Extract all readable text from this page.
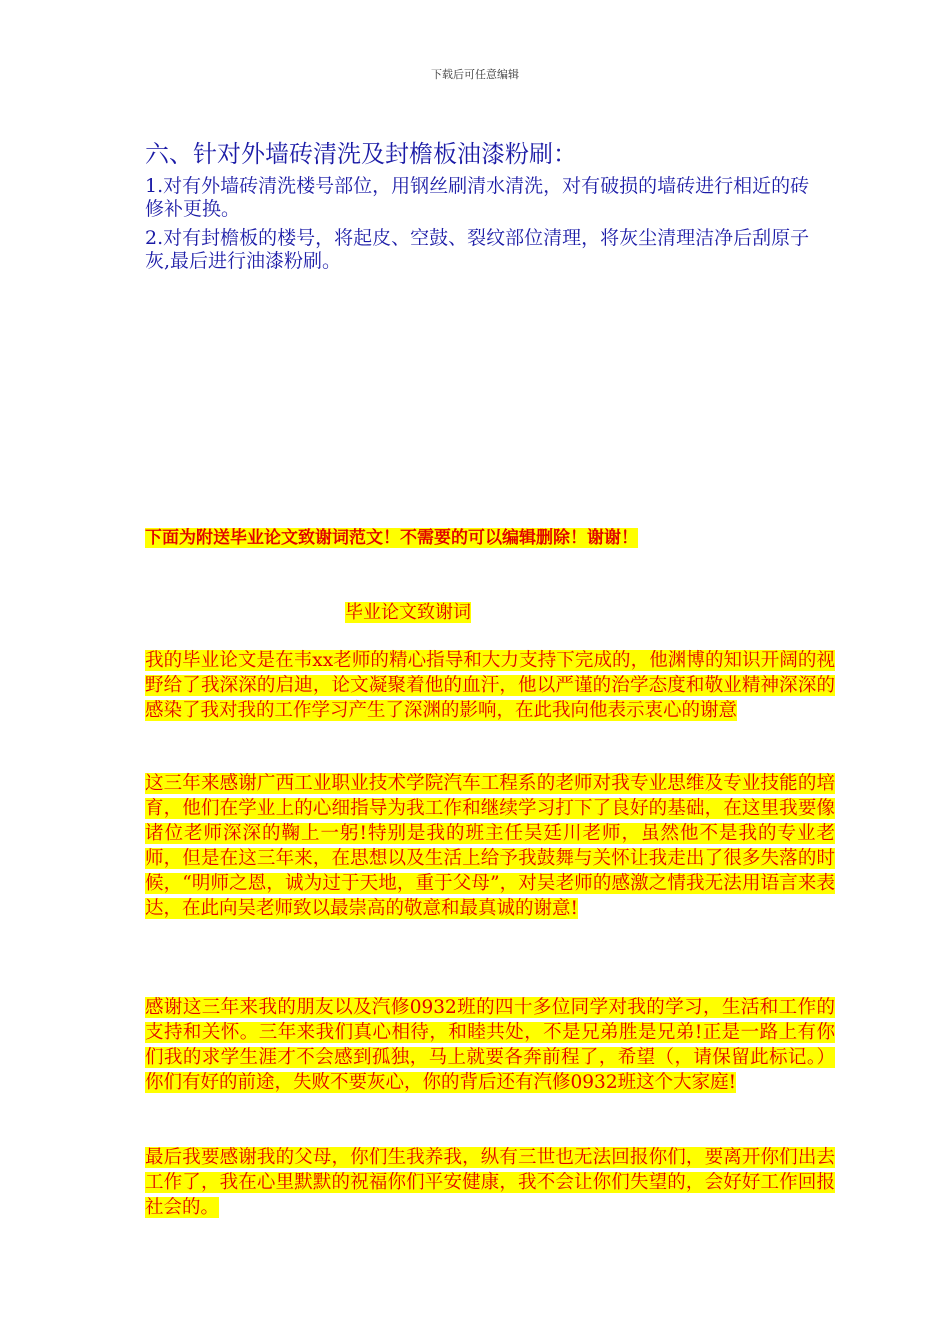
下载后可任意编辑
六、针对外墙砖清洗及封檐板油漆粉刷：
1.对有外墙砖清洗楼号部位，用钢丝刷清水清洗，对有破损的墙砖进行相近的砖修补更换。
2.对有封檐板的楼号，将起皮、空鼓、裂纹部位清理，将灰尘清理洁净后刮原子灰,最后进行油漆粉刷。
下面为附送毕业论文致谢词范文！不需要的可以编辑删除！谢谢！
毕业论文致谢词
我的毕业论文是在韦xx老师的精心指导和大力支持下完成的，他渊博的知识开阔的视野给了我深深的启迪，论文凝聚着他的血汗，他以严谨的治学态度和敬业精神深深的感染了我对我的工作学习产生了深渊的影响，在此我向他表示衷心的谢意
这三年来感谢广西工业职业技术学院汽车工程系的老师对我专业思维及专业技能的培育，他们在学业上的心细指导为我工作和继续学习打下了良好的基础，在这里我要像诸位老师深深的鞠上一躬!特别是我的班主任吴廷川老师，虽然他不是我的专业老师，但是在这三年来，在思想以及生活上给予我鼓舞与关怀让我走出了很多失落的时候，“明师之恩，诚为过于天地，重于父母”，对吴老师的感激之情我无法用语言来表达，在此向吴老师致以最崇高的敬意和最真诚的谢意!
感谢这三年来我的朋友以及汽修0932班的四十多位同学对我的学习，生活和工作的支持和关怀。三年来我们真心相待，和睦共处，不是兄弟胜是兄弟!正是一路上有你们我的求学生涯才不会感到孤独，马上就要各奔前程了，希望（，请保留此标记。）你们有好的前途，失败不要灰心，你的背后还有汽修0932班这个大家庭!
最后我要感谢我的父母，你们生我养我，纵有三世也无法回报你们，要离开你们出去工作了，我在心里默默的祝福你们平安健康，我不会让你们失望的，会好好工作回报社会的。
